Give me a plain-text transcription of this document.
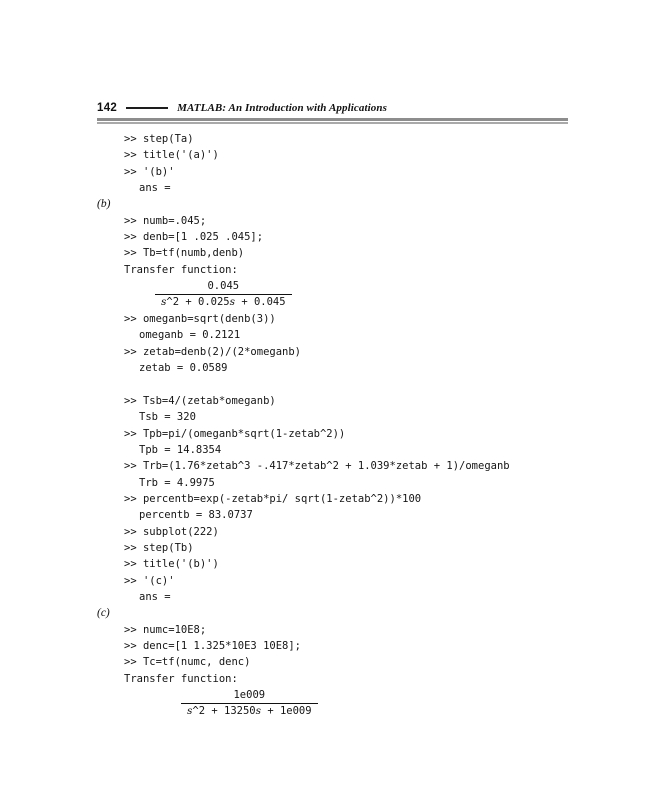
142	MATLAB: An Introduction with Applications
>> step(Ta)
>> title('(a)')
>> '(b)'
ans =
(b)
>> numb=.045;
>> denb=[1 .025 .045];
>> Tb=tf(numb,denb)
Transfer function:
$\frac{0.045}{s\^{}2 + 0.025s + 0.045}$
>> omeganb=sqrt(denb(3))
omeganb = 0.2121
>> zetab=denb(2)/(2*omeganb)
zetab = 0.0589
>> Tsb=4/(zetab*omeganb)
Tsb = 320
>> Tpb=pi/(omeganb*sqrt(1-zetab^2))
Tpb = 14.8354
>> Trb=(1.76*zetab^3 -.417*zetab^2 + 1.039*zetab + 1)/omeganb
Trb = 4.9975
>> percentb=exp(-zetab*pi/ sqrt(1-zetab^2))*100
percentb = 83.0737
>> subplot(222)
>> step(Tb)
>> title('(b)')
>> '(c)'
ans =
(c)
>> numc=10E8;
>> denc=[1 1.325*10E3 10E8];
>> Tc=tf(numc, denc)
Transfer function:
$\frac{1e009}{s\^{}2 + 13250s + 1e009}$
